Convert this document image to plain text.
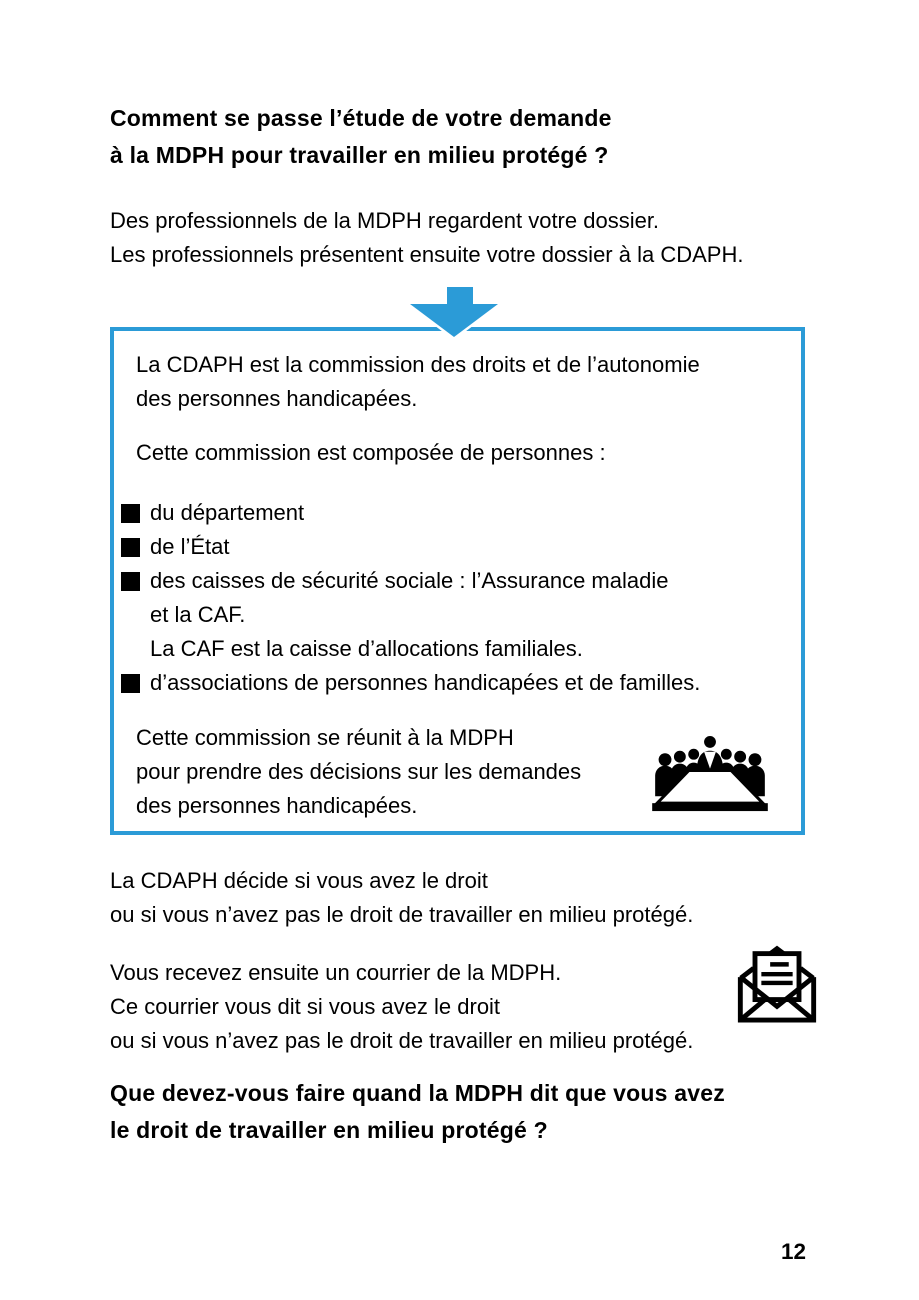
Comment se passe l’étude de votre demande
à la MDPH pour travailler en milieu protégé ?
Des professionnels de la MDPH regardent votre dossier.
Les professionnels présentent ensuite votre dossier à la CDAPH.
La CDAPH est la commission des droits et de l’autonomie
des personnes handicapées.
Cette commission est composée de personnes :
du département
de l’État
des caisses de sécurité sociale : l’Assurance maladie
et la CAF.
La CAF est la caisse d’allocations familiales.
d’associations de personnes handicapées et de familles.
Cette commission se réunit à la MDPH
pour prendre des décisions sur les demandes
des personnes handicapées.
La CDAPH décide si vous avez le droit
ou si vous n’avez pas le droit de travailler en milieu protégé.
Vous recevez ensuite un courrier de la MDPH.
Ce courrier vous dit si vous avez le droit
ou si vous n’avez pas le droit de travailler en milieu protégé.
Que devez-vous faire quand la MDPH dit que vous avez
le droit de travailler en milieu protégé ?
12
